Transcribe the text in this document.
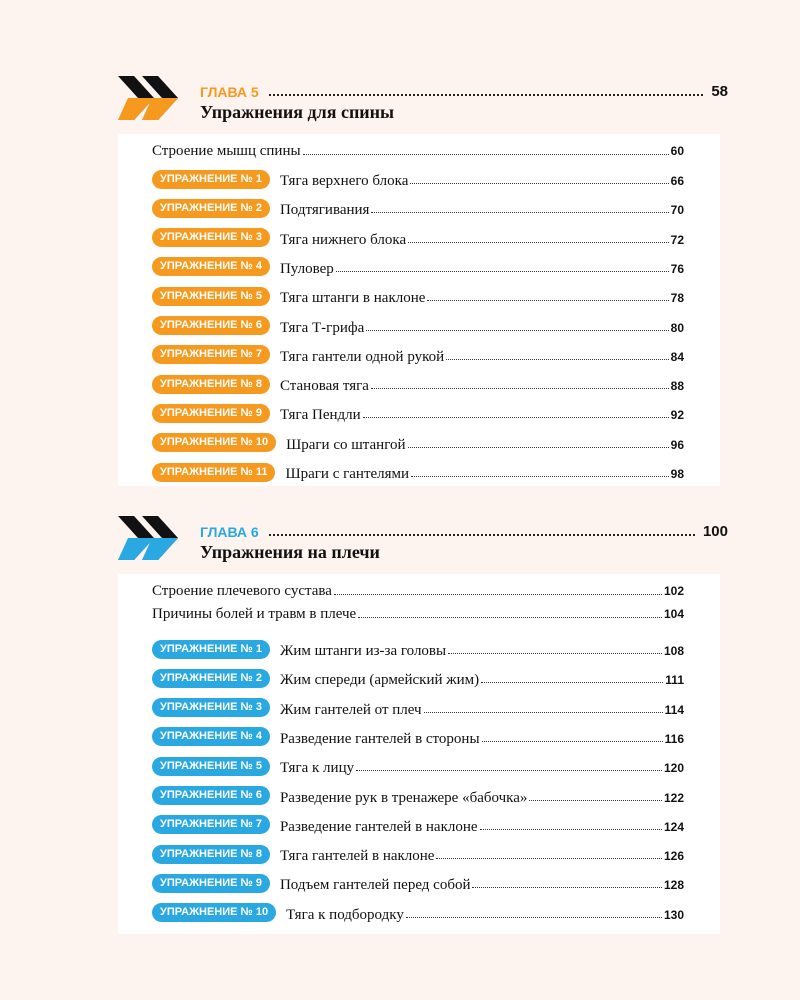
ГЛАВА 5	58
Упражнения для спины
Строение мышц спины	60
УПРАЖНЕНИЕ № 1	Тяга верхнего блока	66
УПРАЖНЕНИЕ № 2	Подтягивания	70
УПРАЖНЕНИЕ № 3	Тяга нижнего блока	72
УПРАЖНЕНИЕ № 4	Пуловер	76
УПРАЖНЕНИЕ № 5	Тяга штанги в наклоне	78
УПРАЖНЕНИЕ № 6	Тяга Т-грифа	80
УПРАЖНЕНИЕ № 7	Тяга гантели одной рукой	84
УПРАЖНЕНИЕ № 8	Становая тяга	88
УПРАЖНЕНИЕ № 9	Тяга Пендли	92
УПРАЖНЕНИЕ № 10	Шраги со штангой	96
УПРАЖНЕНИЕ № 11	Шраги с гантелями	98
ГЛАВА 6	100
Упражнения на плечи
Строение плечевого сустава	102
Причины болей и травм в плече	104
УПРАЖНЕНИЕ № 1	Жим штанги из-за головы	108
УПРАЖНЕНИЕ № 2	Жим спереди (армейский жим)	111
УПРАЖНЕНИЕ № 3	Жим гантелей от плеч	114
УПРАЖНЕНИЕ № 4	Разведение гантелей в стороны	116
УПРАЖНЕНИЕ № 5	Тяга к лицу	120
УПРАЖНЕНИЕ № 6	Разведение рук в тренажере «бабочка»	122
УПРАЖНЕНИЕ № 7	Разведение гантелей в наклоне	124
УПРАЖНЕНИЕ № 8	Тяга гантелей в наклоне	126
УПРАЖНЕНИЕ № 9	Подъем гантелей перед собой	128
УПРАЖНЕНИЕ № 10	Тяга к подбородку	130
